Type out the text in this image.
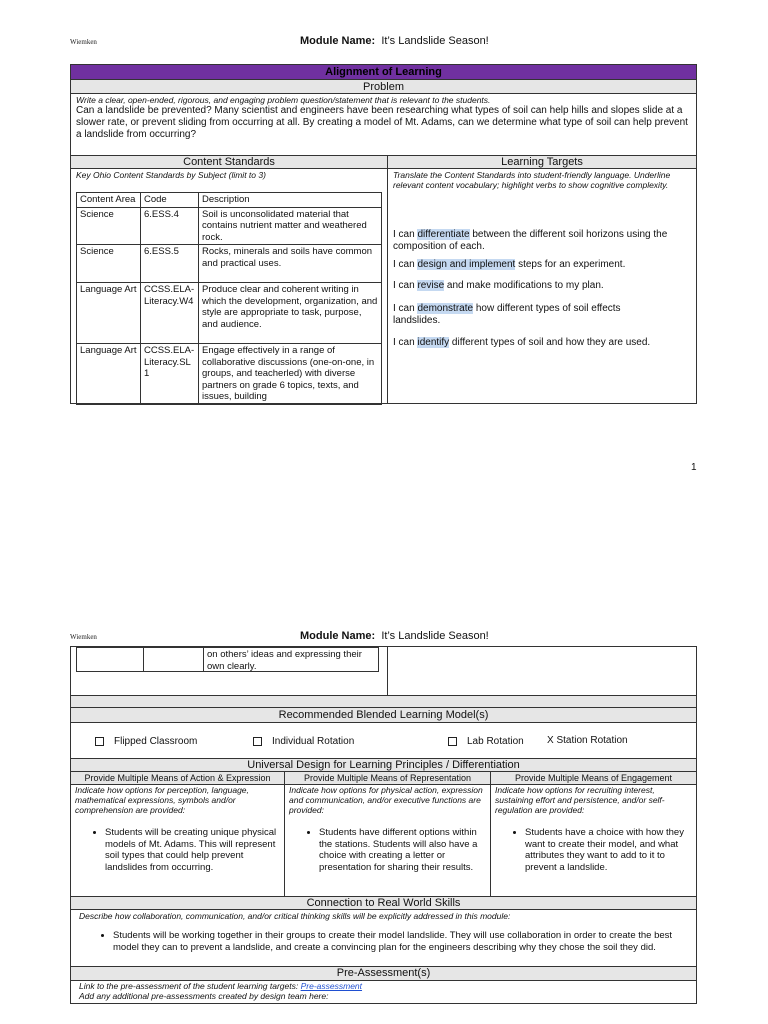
Wiemken	Module Name: It’s Landslide Season!
Alignment of Learning
Problem
Write a clear, open-ended, rigorous, and engaging problem question/statement that is relevant to the students.
Can a landslide be prevented? Many scientist and engineers have been researching what types of soil can help hills and slopes slide at a slower rate, or prevent sliding from occurring at all. By creating a model of Mt. Adams, can we determine what type of soil can help prevent a landslide from occurring?
Content Standards	Learning Targets
Key Ohio Content Standards by Subject (limit to 3)
Content Area	Code	Description
Science	6.ESS.4	Soil is unconsolidated material that contains nutrient matter and weathered rock.
Science	6.ESS.5	Rocks, minerals and soils have common and practical uses.
Language Art	CCSS.ELA-Literacy.W4	Produce clear and coherent writing in which the development, organization, and style are appropriate to task, purpose, and audience.
Language Art	CCSS.ELA-Literacy.SL1	Engage effectively in a range of collaborative discussions (one-on-one, in groups, and teacherled) with diverse partners on grade 6 topics, texts, and issues, building
Translate the Content Standards into student-friendly language. Underline relevant content vocabulary; highlight verbs to show cognitive complexity.
I can differentiate between the different soil horizons using the composition of each.
I can design and implement steps for an experiment.
I can revise and make modifications to my plan.
I can demonstrate how different types of soil effects landslides.
I can identify different types of soil and how they are used.
1
Wiemken	Module Name: It’s Landslide Season!
on others’ ideas and expressing their own clearly.
Recommended Blended Learning Model(s)
Flipped Classroom	Individual Rotation	Lab Rotation X Station Rotation
Universal Design for Learning Principles / Differentiation
Provide Multiple Means of Action & Expression
Indicate how options for perception, language, mathematical expressions, symbols and/or comprehension are provided:
• Students will be creating unique physical models of Mt. Adams. This will represent soil types that could help prevent landslides from occurring.
Provide Multiple Means of Representation
Indicate how options for physical action, expression and communication, and/or executive functions are provided:
• Students have different options within the stations. Students will also have a choice with creating a letter or presentation for sharing their results.
Provide Multiple Means of Engagement
Indicate how options for recruiting interest, sustaining effort and persistence, and/or self-regulation are provided:
• Students have a choice with how they want to create their model, and what attributes they want to add to it to prevent a landslide.
Connection to Real World Skills
Describe how collaboration, communication, and/or critical thinking skills will be explicitly addressed in this module:
• Students will be working together in their groups to create their model landslide. They will use collaboration in order to create the best model they can to prevent a landslide, and create a convincing plan for the engineers describing why they chose the soil they did.
Pre-Assessment(s)
Link to the pre-assessment of the student learning targets: Pre-assessment
Add any additional pre-assessments created by design team here:
